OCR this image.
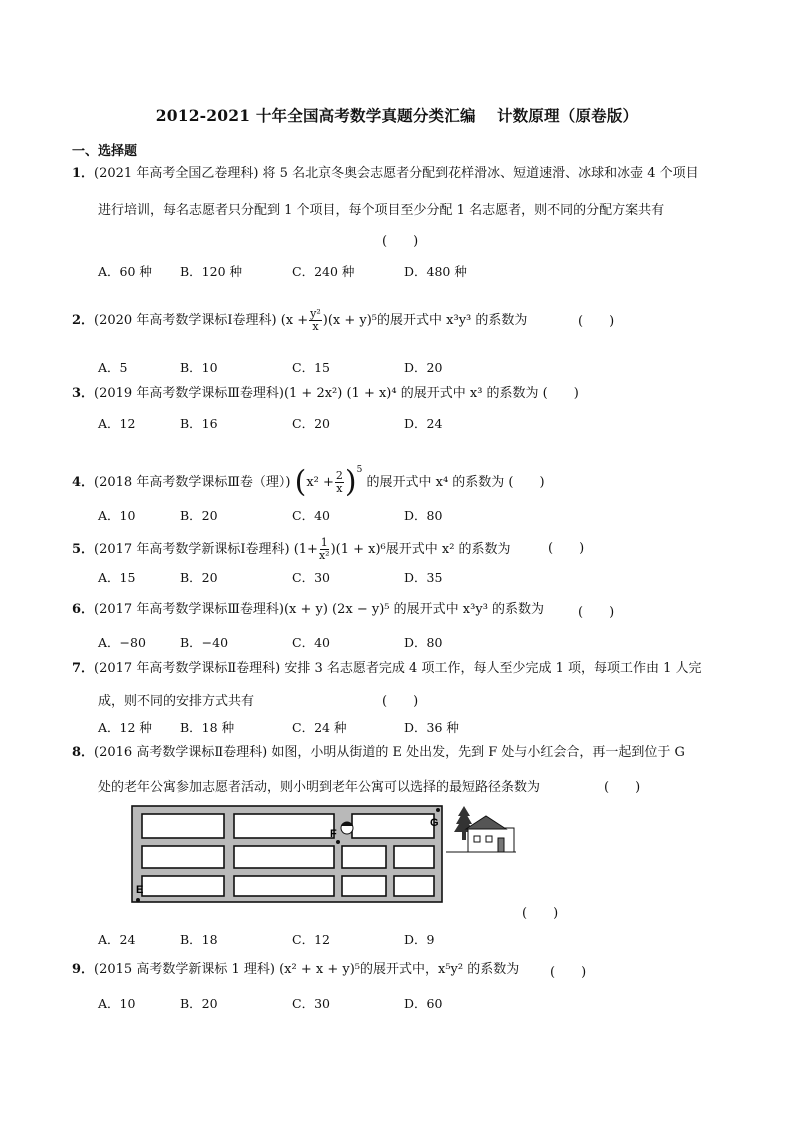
2012-2021 十年全国高考数学真题分类汇编　 计数原理（原卷版）
一、选择题
1．(2021 年高考全国乙卷理科) 将 5 名北京冬奥会志愿者分配到花样滑冰、短道速滑、冰球和冰壶 4 个项目
进行培训，每名志愿者只分配到 1 个项目，每个项目至少分配 1 名志愿者，则不同的分配方案共有
(　　)
A．60 种 B．120 种	C．240 种	D．480 种
2．(2020 年高考数学课标Ⅰ卷理科) $(x + \frac{\text{y²}}{x} )(x + y)^5$的展开式中 x³y³ 的系数为	(　　)
A．5	B．10	C．15	D．20
3．(2019 年高考数学课标Ⅲ卷理科)(1 + 2x²) (1 + x)⁴ 的展开式中 x³ 的系数为 (　　)
A．12	B．16	C．20	D．24
4．(2018 年高考数学课标Ⅲ卷（理）) $(x^2 + \frac{2}{x} )^5$ 的展开式中 x⁴ 的系数为 (　　)
A．10	B．20	C．40	D．80
5．(2017 年高考数学新课标Ⅰ卷理科) $(1+ \frac{1}{\text{x²}} )(1 + x)^6$展开式中 x² 的系数为	(　　)
A．15	B．20	C．30	D．35
6．(2017 年高考数学课标Ⅲ卷理科)(x + y) (2x − y)⁵ 的展开式中 x³y³ 的系数为	(　　)
A．−80	B．−40	C．40	D．80
7．(2017 年高考数学课标Ⅱ卷理科) 安排 3 名志愿者完成 4 项工作，每人至少完成 1 项，每项工作由 1 人完
成，则不同的安排方式共有	(　　)
A．12 种 B．18 种	C．24 种	D．36 种
8．(2016 高考数学课标Ⅱ卷理科) 如图，小明从街道的 E 处出发，先到 F 处与小红会合，再一起到位于 G
处的老年公寓参加志愿者活动，则小明到老年公寓可以选择的最短路径条数为	(　　)
F
G
E
(　　)
A．24	B．18	C．12	D．9
9．(2015 高考数学新课标 1 理科) (x² + x + y)⁵的展开式中，x⁵y² 的系数为 (　　)
A．10	B．20	C．30	D．60
